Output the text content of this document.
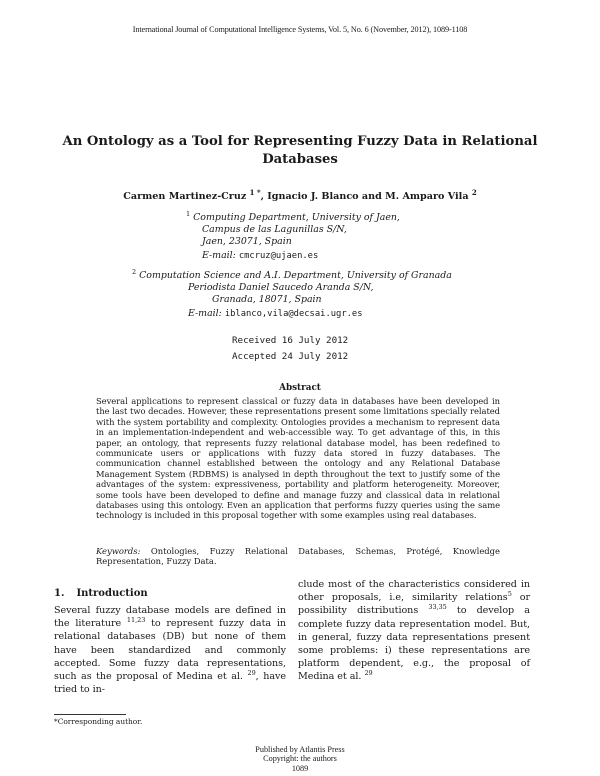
International Journal of Computational Intelligence Systems, Vol. 5, No. 6 (November, 2012), 1089-1108
An Ontology as a Tool for Representing Fuzzy Data in Relational
Databases
Carmen Martinez-Cruz $^{1 *}$, Ignacio J. Blanco and M. Amparo Vila $^2$
$^1$ Computing Department, University of Jaen,
Campus de las Lagunillas S/N,
Jaen, 23071, Spain
E-mail: cmcruz@ujaen.es
$^2$ Computation Science and A.I. Department, University of Granada
Periodista Daniel Saucedo Aranda S/N,
Granada, 18071, Spain
E-mail: iblanco,vila@decsai.ugr.es
Received 16 July 2012
Accepted 24 July 2012
Abstract
Several applications to represent classical or fuzzy data in databases have been developed in the last two decades. However, these representations present some limitations specially related with the system portability and complexity. Ontologies provides a mechanism to represent data in an implementation-independent and web-accessible way. To get advantage of this, in this paper, an ontology, that represents fuzzy relational database model, has been redefined to communicate users or applications with fuzzy data stored in fuzzy databases. The communication channel established between the ontology and any Relational Database Management System (RDBMS) is analysed in depth throughout the text to justify some of the advantages of the system: expressiveness, portability and platform heterogeneity. Moreover, some tools have been developed to define and manage fuzzy and classical data in relational databases using this ontology. Even an application that performs fuzzy queries using the same technology is included in this proposal together with some examples using real databases.
Keywords: Ontologies, Fuzzy Relational Databases, Schemas, Protégé, Knowledge Representation, Fuzzy Data.
1. Introduction
Several fuzzy database models are defined in the literature $^{11,23}$ to represent fuzzy data in relational databases (DB) but none of them have been standardized and commonly accepted. Some fuzzy data representations, such as the proposal of Medina et al. $^{29}$, have tried to in-
clude most of the characteristics considered in other proposals, i.e, similarity relations$^5$ or possibility distributions $^{33,35}$ to develop a complete fuzzy data representation model. But, in general, fuzzy data representations present some problems: i) these representations are platform dependent, e.g., the proposal of Medina et al. $^{29}$
*Corresponding author.
Published by Atlantis Press
Copyright: the authors
1089
